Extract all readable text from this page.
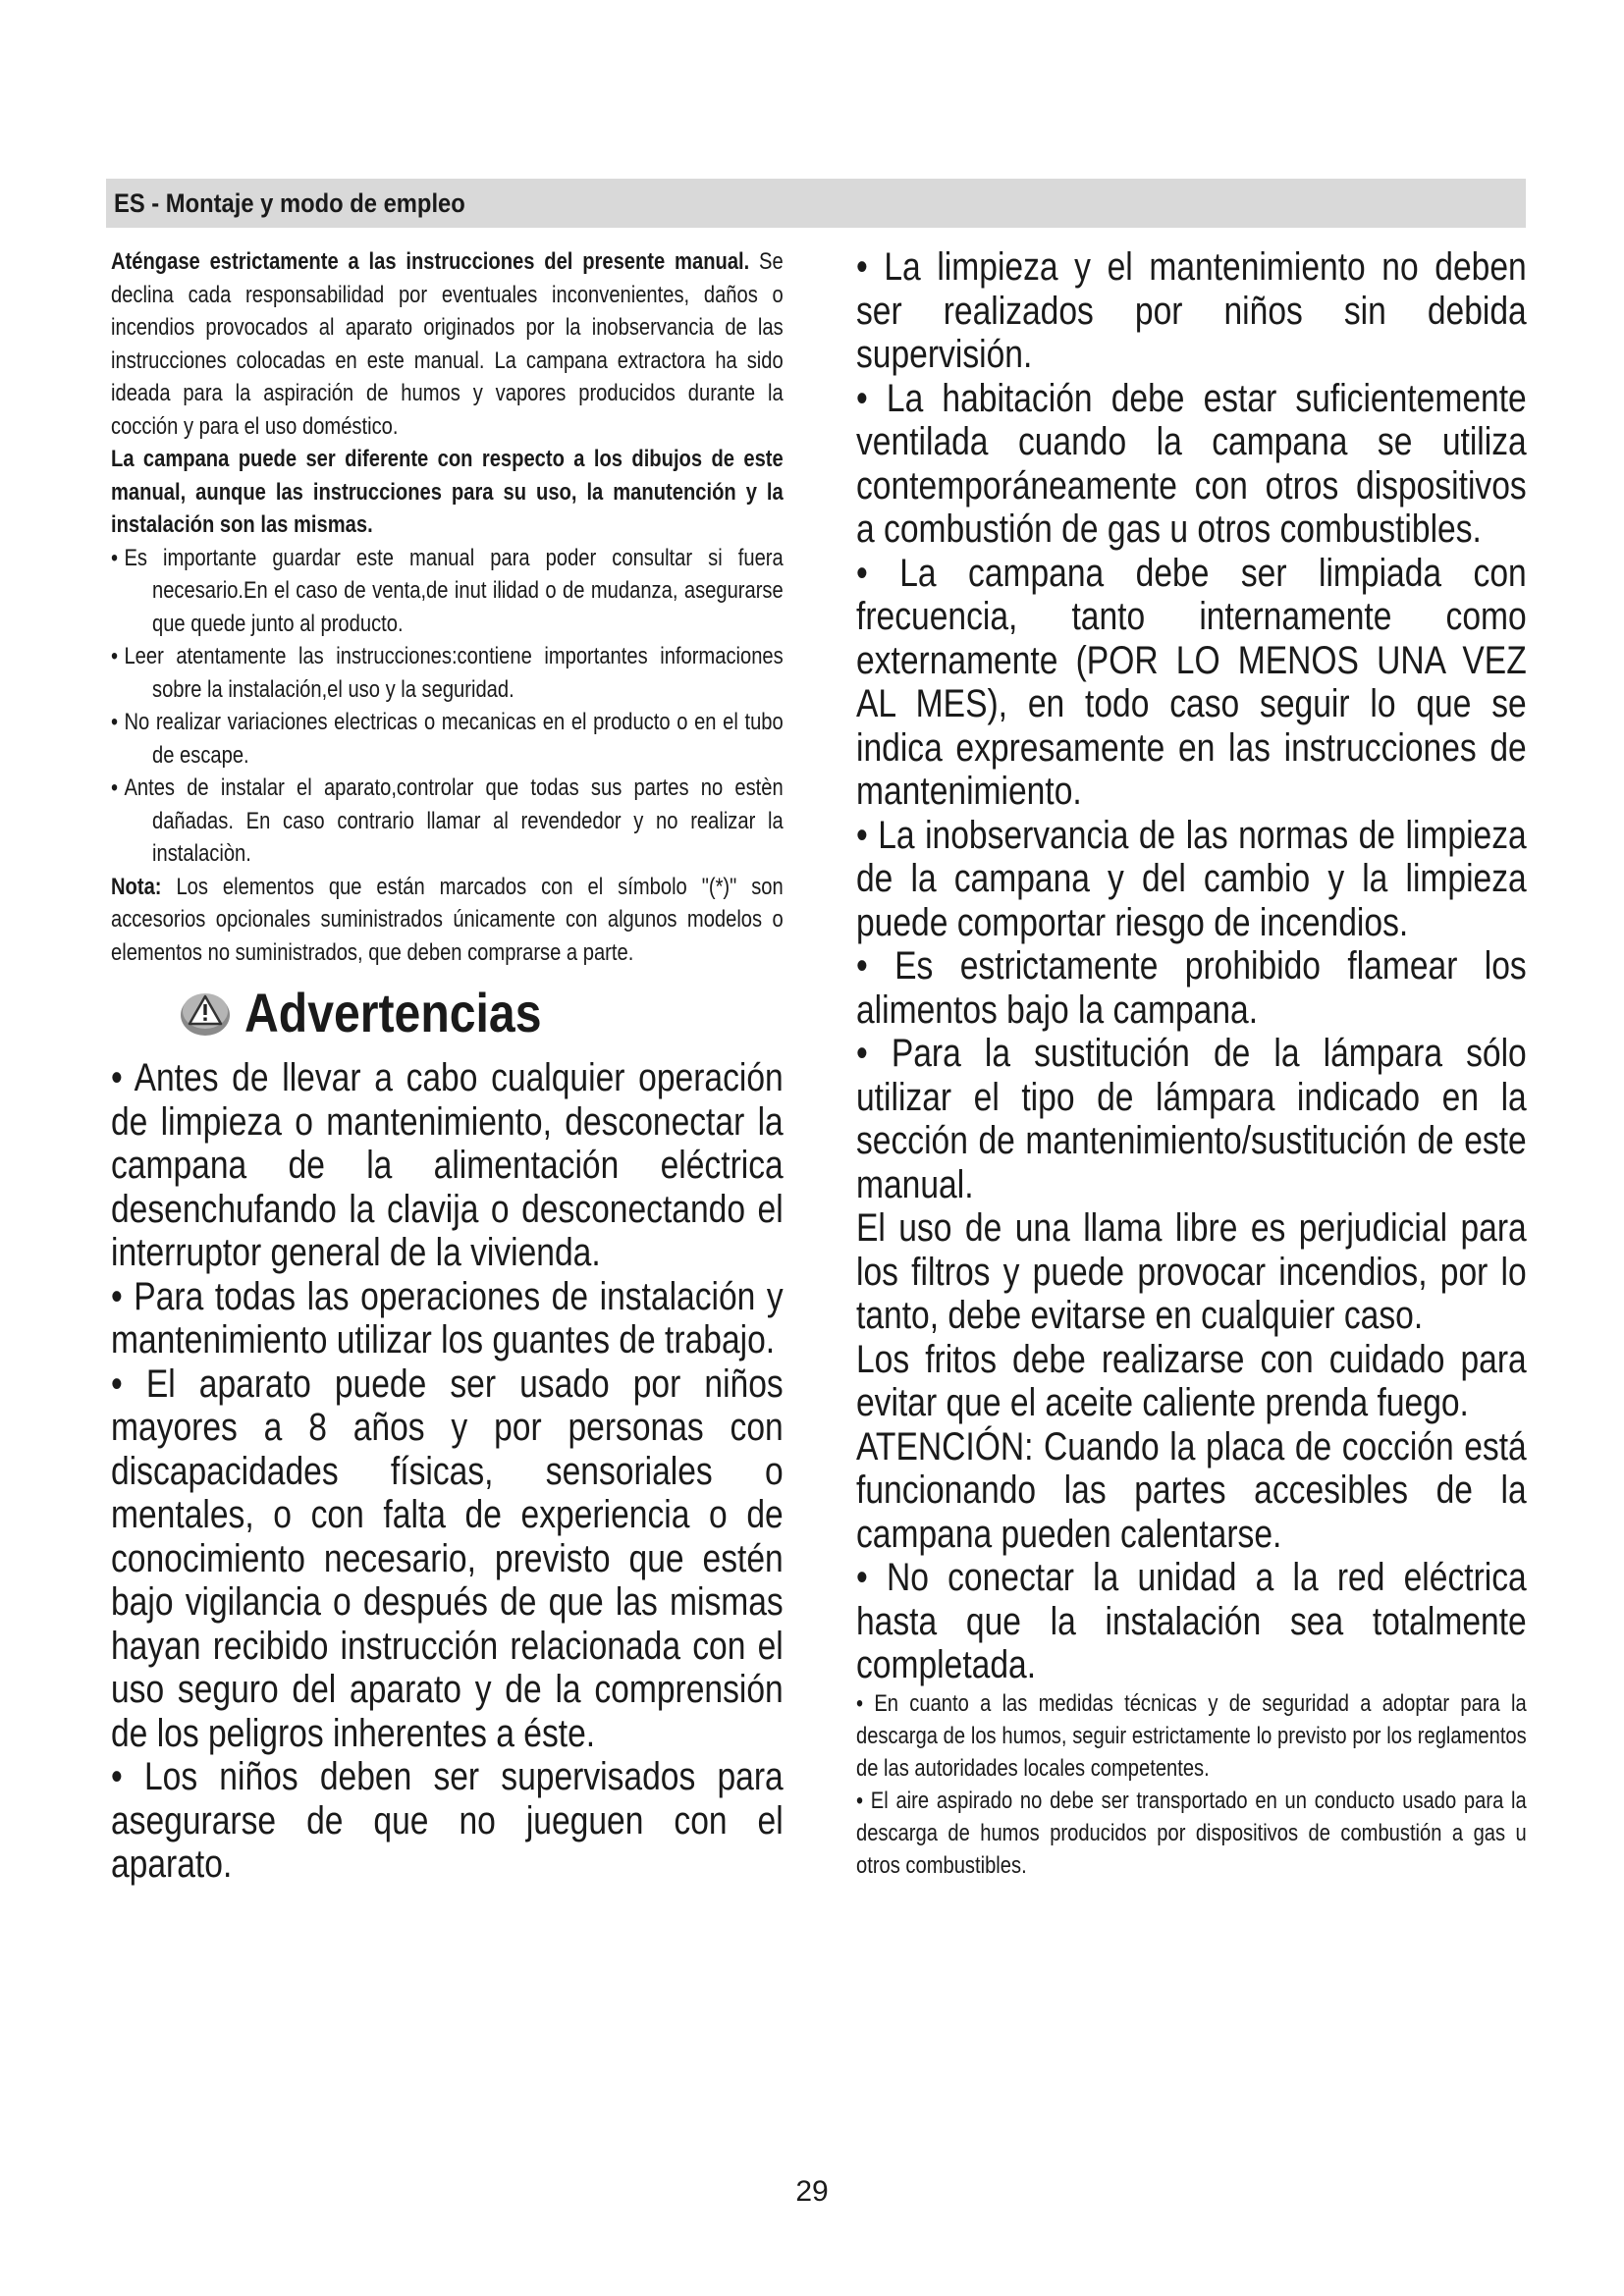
ES - Montaje y modo de empleo

Aténgase estrictamente a las instrucciones del presente manual. Se declina cada responsabilidad por eventuales inconvenientes, daños o incendios provocados al aparato originados por la inobservancia de las instrucciones colocadas en este manual. La campana extractora ha sido ideada para la aspiración de humos y vapores producidos durante la cocción y para el uso doméstico.

La campana puede ser diferente con respecto a los dibujos de este manual, aunque las instrucciones para su uso, la manutención y la instalación son las mismas.

• Es importante guardar este manual para poder consultar si fuera necesario.En el caso de venta,de inut ilidad o de mudanza, asegurarse que quede junto al producto.

• Leer atentamente las instrucciones:contiene importantes informaciones sobre la instalación,el uso y la seguridad.

• No realizar variaciones electricas o mecanicas en el producto o en el tubo de escape.

• Antes de instalar el aparato,controlar que todas sus partes no estèn dañadas. En caso contrario llamar al revendedor y no realizar la instalaciòn.

Nota: Los elementos que están marcados con el símbolo "(*)" son accesorios opcionales suministrados únicamente con algunos modelos o elementos no suministrados, que deben comprarse a parte.

Advertencias

• Antes de llevar a cabo cualquier operación de limpieza o mantenimiento, desconectar la campana de la alimentación eléctrica desenchufando la clavija o desconectando el interruptor general de la vivienda.

• Para todas las operaciones de instalación y mantenimiento utilizar los guantes de trabajo.

• El aparato puede ser usado por niños mayores a 8 años y por personas con discapacidades físicas, sensoriales o mentales, o con falta de experiencia o de conocimiento necesario, previsto que estén bajo vigilancia o después de que las mismas hayan recibido instrucción relacionada con el uso seguro del aparato y de la comprensión de los peligros inherentes a éste.

• Los niños deben ser supervisados para asegurarse de que no jueguen con el aparato.

• La limpieza y el mantenimiento no deben ser realizados por niños sin debida supervisión.

• La habitación debe estar suficientemente ventilada cuando la campana se utiliza contemporáneamente con otros dispositivos a combustión de gas u otros combustibles.

• La campana debe ser limpiada con frecuencia, tanto internamente como externamente (POR LO MENOS UNA VEZ AL MES), en todo caso seguir lo que se indica expresamente en las instrucciones de mantenimiento.

• La inobservancia de las normas de limpieza de la campana y del cambio y la limpieza puede comportar riesgo de incendios.

• Es estrictamente prohibido flamear los alimentos bajo la campana.

• Para la sustitución de la lámpara sólo utilizar el tipo de lámpara indicado en la sección de mantenimiento/sustitución de este manual.

El uso de una llama libre es perjudicial para los filtros y puede provocar incendios, por lo tanto, debe evitarse en cualquier caso.

Los fritos debe realizarse con cuidado para evitar que el aceite caliente prenda fuego.

ATENCIÓN: Cuando la placa de cocción está funcionando las partes accesibles de la campana pueden calentarse.

• No conectar la unidad a la red eléctrica hasta que la instalación sea totalmente completada.

• En cuanto a las medidas técnicas y de seguridad a adoptar para la descarga de los humos, seguir estrictamente lo previsto por los reglamentos de las autoridades locales competentes.

• El aire aspirado no debe ser transportado en un conducto usado para la descarga de humos producidos por dispositivos de combustión a gas u otros combustibles.

29
